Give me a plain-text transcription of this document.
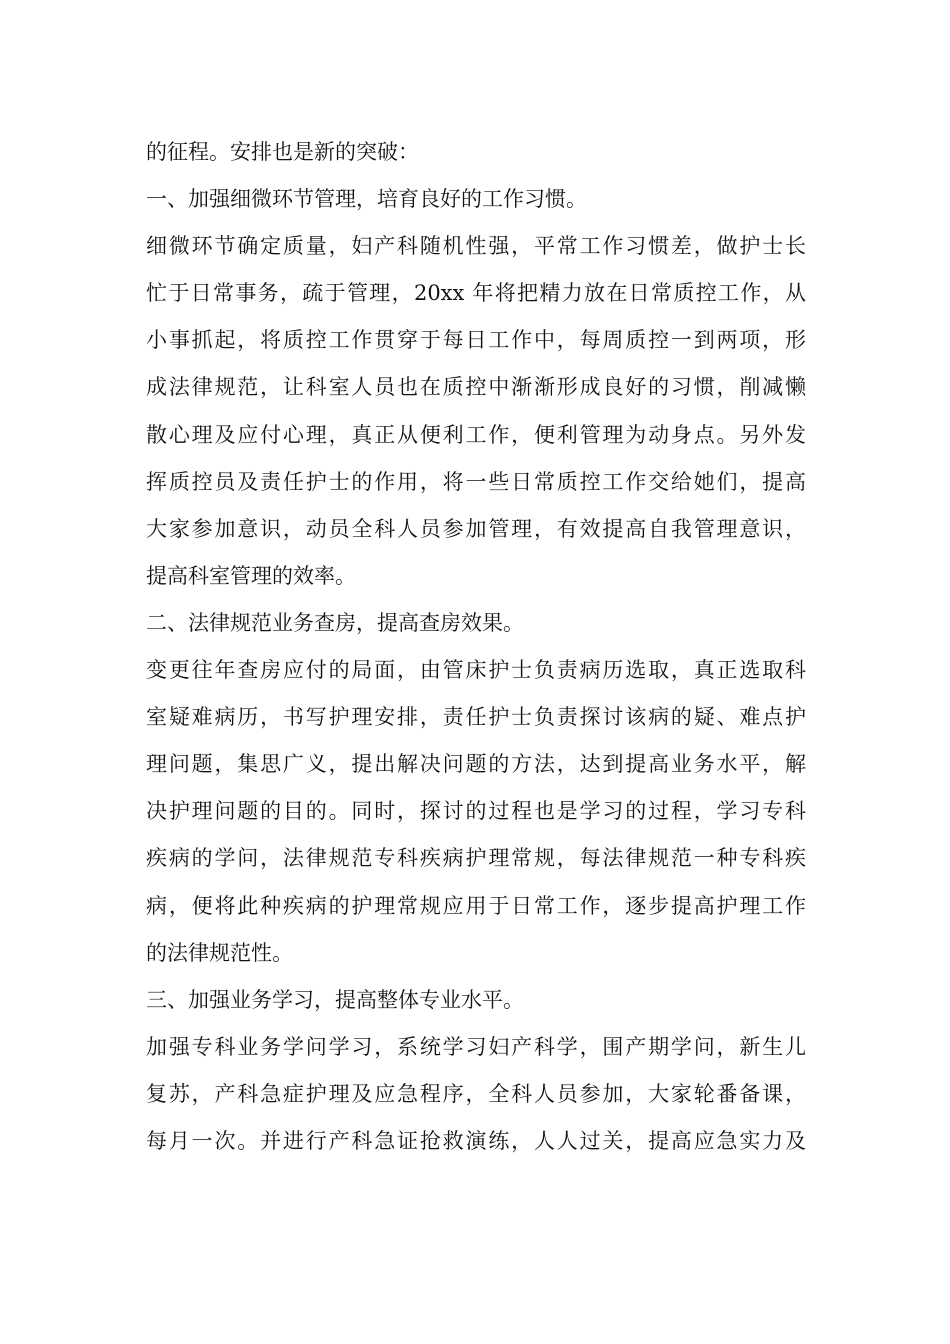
的征程。安排也是新的突破：
一、加强细微环节管理，培育良好的工作习惯。
细微环节确定质量，妇产科随机性强，平常工作习惯差，做护士长
忙于日常事务，疏于管理，20xx 年将把精力放在日常质控工作，从
小事抓起，将质控工作贯穿于每日工作中，每周质控一到两项，形
成法律规范，让科室人员也在质控中渐渐形成良好的习惯，削减懒
散心理及应付心理，真正从便利工作，便利管理为动身点。另外发
挥质控员及责任护士的作用，将一些日常质控工作交给她们，提高
大家参加意识，动员全科人员参加管理，有效提高自我管理意识，
提高科室管理的效率。
二、法律规范业务查房，提高查房效果。
变更往年查房应付的局面，由管床护士负责病历选取，真正选取科
室疑难病历，书写护理安排，责任护士负责探讨该病的疑、难点护
理问题，集思广义，提出解决问题的方法，达到提高业务水平，解
决护理问题的目的。同时，探讨的过程也是学习的过程，学习专科
疾病的学问，法律规范专科疾病护理常规，每法律规范一种专科疾
病，便将此种疾病的护理常规应用于日常工作，逐步提高护理工作
的法律规范性。
三、加强业务学习，提高整体专业水平。
加强专科业务学问学习，系统学习妇产科学，围产期学问，新生儿
复苏，产科急症护理及应急程序，全科人员参加，大家轮番备课，
每月一次。并进行产科急证抢救演练，人人过关，提高应急实力及
